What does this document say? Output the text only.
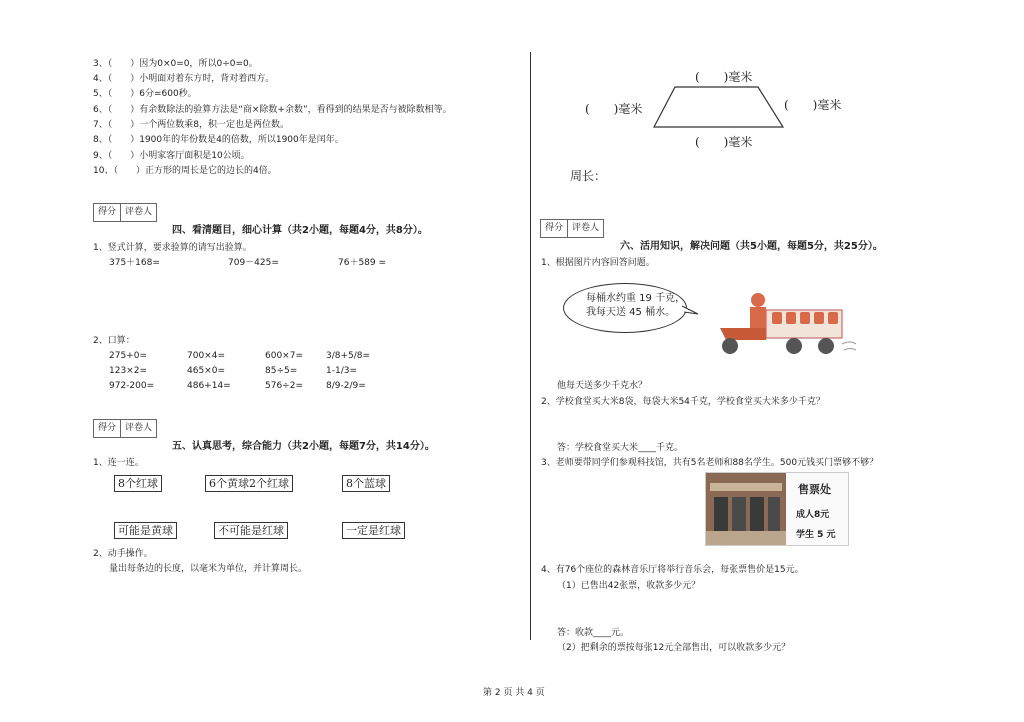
3、（　　）因为0×0=0，所以0÷0=0。
4、（　　）小明面对着东方时，背对着西方。
5、（　　）6分=600秒。
6、（　　）有余数除法的验算方法是“商×除数+余数”，看得到的结果是否与被除数相等。
7、（　　）一个两位数乘8，积一定也是两位数。
8、（　　）1900年的年份数是4的倍数，所以1900年是闰年。
9、（　　）小明家客厅面积是10公顷。
10、（　　）正方形的周长是它的边长的4倍。
得分	评卷人
四、看清题目，细心计算（共2小题，每题4分，共8分）。
1、竖式计算，要求验算的请写出验算。
375＋168=	709－425=	76＋589 =
2、口算：
275+0=	700×4=	600×7=	3/8+5/8=
123×2=	465×0=	85÷5=	1-1/3=
972-200=	486+14=	576÷2=	8/9-2/9=
得分	评卷人
五、认真思考，综合能力（共2小题，每题7分，共14分）。
1、连一连。
8个红球	6个黄球2个红球	8个蓝球
可能是黄球	不可能是红球	一定是红球
2、动手操作。
量出每条边的长度，以毫米为单位，并计算周长。
(　　)毫米
(　　)毫米	(　　)毫米
(　　)毫米
周长：
得分	评卷人
六、活用知识，解决问题（共5小题，每题5分，共25分）。
1、根据图片内容回答问题。
每桶水约重 19 千克，
我每天送 45 桶水。
他每天送多少千克水？
2、学校食堂买大米8袋，每袋大米54千克，学校食堂买大米多少千克？
答：学校食堂买大米____千克。
3、老师要带同学们参观科技馆，共有5名老师和88名学生。500元钱买门票够不够？
售票处
成人8元
学生 5 元
4、有76个座位的森林音乐厅将举行音乐会，每张票售价是15元。
（1）已售出42张票，收款多少元？
答：收款____元。
（2）把剩余的票按每张12元全部售出，可以收款多少元？
第 2 页 共 4 页
